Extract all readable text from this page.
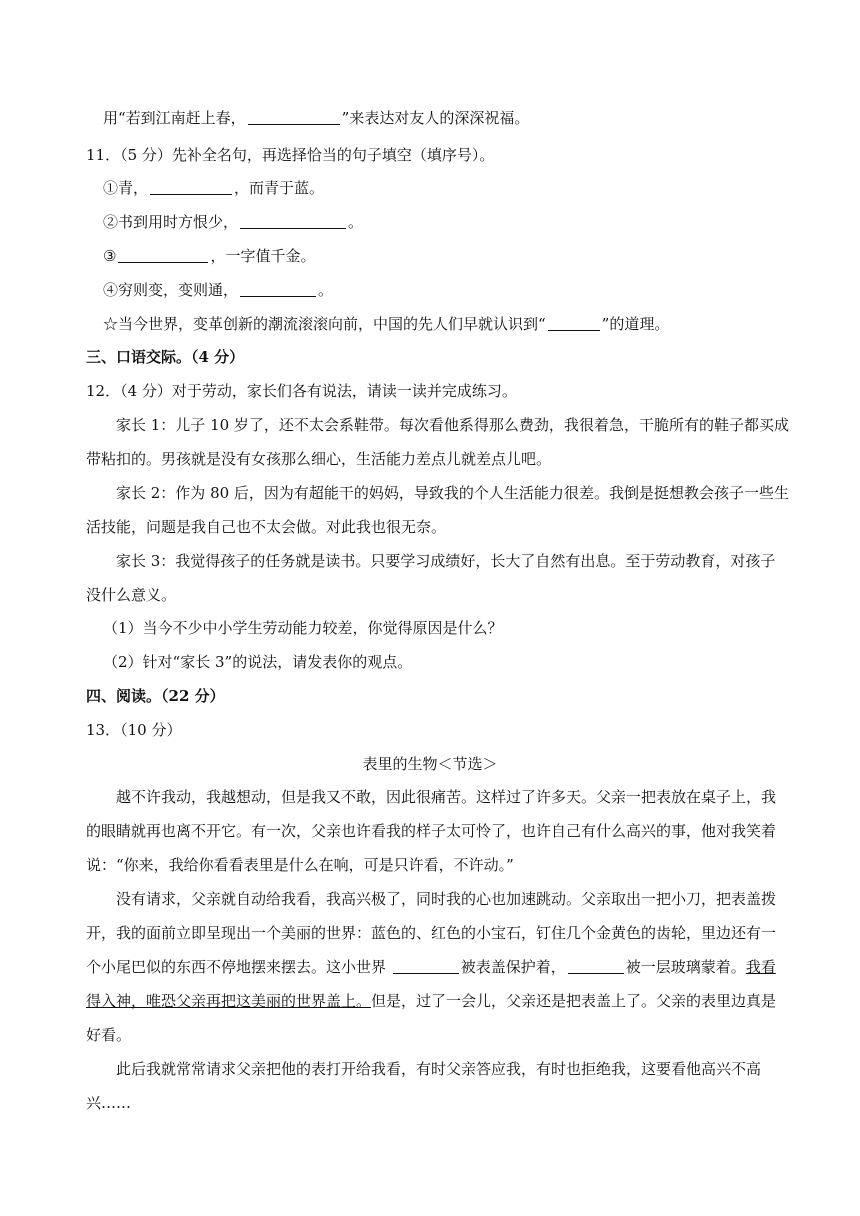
用“若到江南赶上春，	”来表达对友人的深深祝福。
11．（5 分）先补全名句，再选择恰当的句子填空（填序号）。
①青，	，而青于蓝。
②书到用时方恨少，	。
③	，一字值千金。
④穷则变，变则通，	。
☆当今世界，变革创新的潮流滚滚向前，中国的先人们早就认识到“	”的道理。
三、口语交际。（4 分）
12．（4 分）对于劳动，家长们各有说法，请读一读并完成练习。
家长 1：儿子 10 岁了，还不太会系鞋带。每次看他系得那么费劲，我很着急，干脆所有的鞋子都买成
带粘扣的。男孩就是没有女孩那么细心，生活能力差点儿就差点儿吧。
家长 2：作为 80 后，因为有超能干的妈妈，导致我的个人生活能力很差。我倒是挺想教会孩子一些生
活技能，问题是我自己也不太会做。对此我也很无奈。
家长 3：我觉得孩子的任务就是读书。只要学习成绩好，长大了自然有出息。至于劳动教育，对孩子
没什么意义。
（1）当今不少中小学生劳动能力较差，你觉得原因是什么？
（2）针对“家长 3”的说法，请发表你的观点。
四、阅读。（22 分）
13．（10 分）
表里的生物＜节选＞
越不许我动，我越想动，但是我又不敢，因此很痛苦。这样过了许多天。父亲一把表放在桌子上，我
的眼睛就再也离不开它。有一次，父亲也许看我的样子太可怜了，也许自己有什么高兴的事，他对我笑着
说：“你来，我给你看看表里是什么在响，可是只许看，不许动。”
没有请求，父亲就自动给我看，我高兴极了，同时我的心也加速跳动。父亲取出一把小刀，把表盖拨
开，我的面前立即呈现出一个美丽的世界：蓝色的、红色的小宝石，钉住几个金黄色的齿轮，里边还有一
个小尾巴似的东西不停地摆来摆去。这小世界	被表盖保护着，	被一层玻璃蒙着。我看
得入神，唯恐父亲再把这美丽的世界盖上。但是，过了一会儿，父亲还是把表盖上了。父亲的表里边真是
好看。
此后我就常常请求父亲把他的表打开给我看，有时父亲答应我，有时也拒绝我，这要看他高兴不高
兴……
